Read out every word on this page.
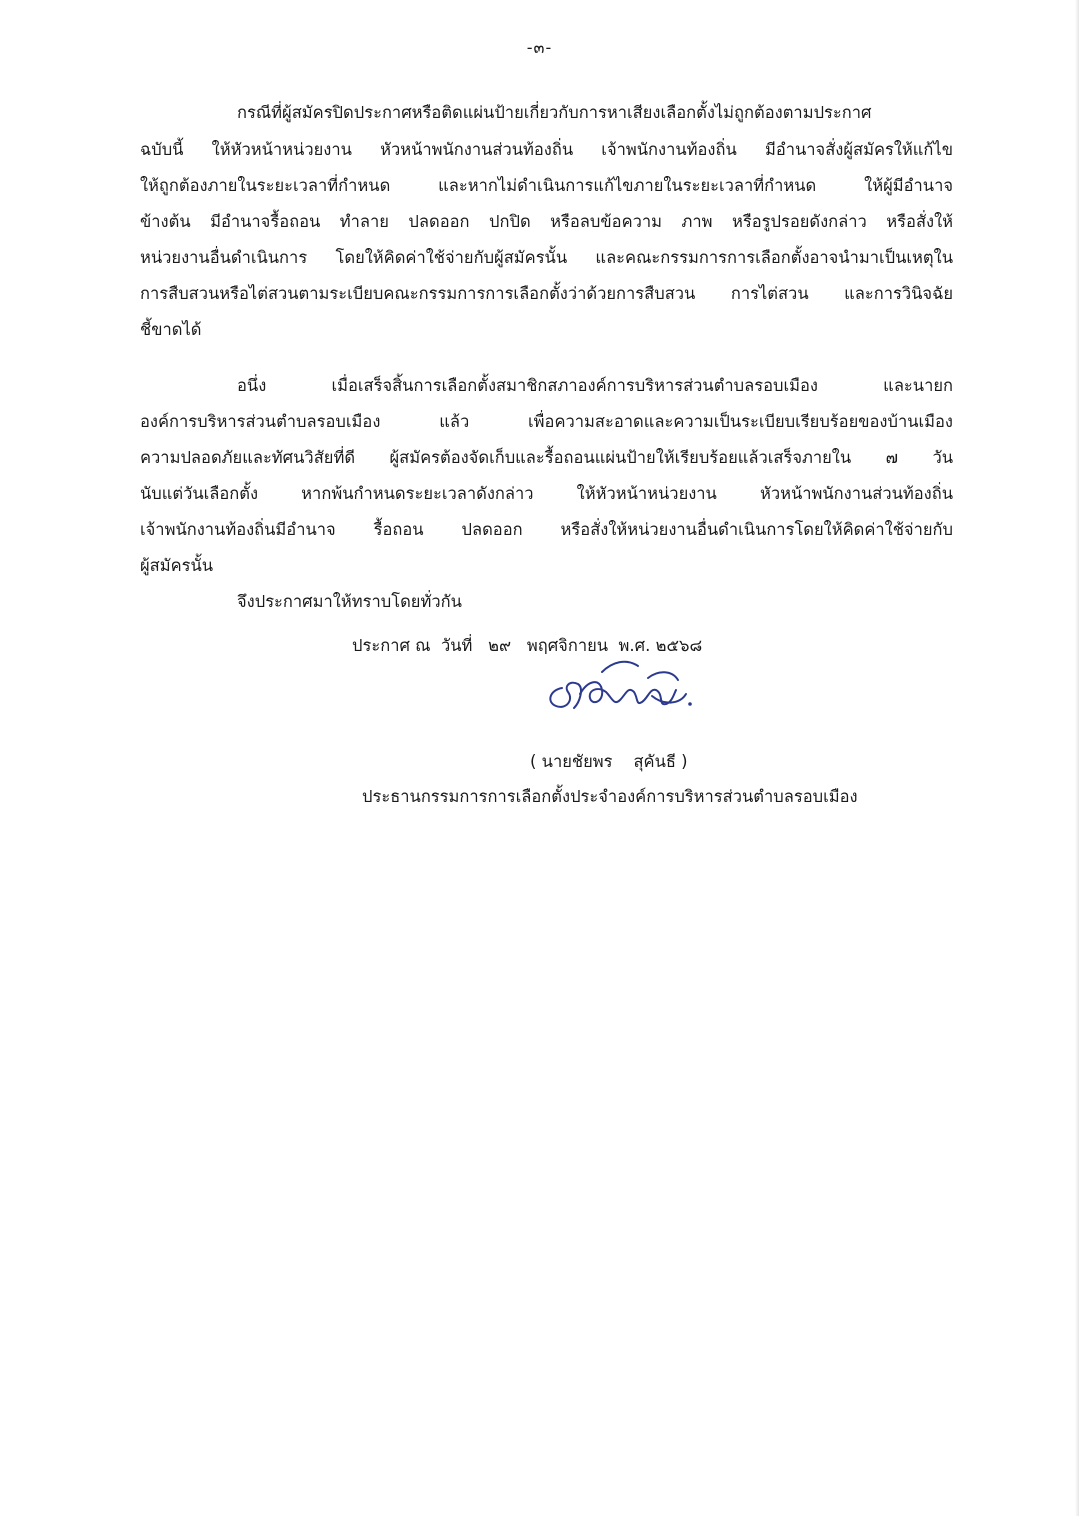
-๓-
กรณีที่ผู้สมัครปิดประกาศหรือติดแผ่นป้ายเกี่ยวกับการหาเสียงเลือกตั้งไม่ถูกต้องตามประกาศ
ฉบับนี้ ให้หัวหน้าหน่วยงาน หัวหน้าพนักงานส่วนท้องถิ่น เจ้าพนักงานท้องถิ่น มีอำนาจสั่งผู้สมัครให้แก้ไข
ให้ถูกต้องภายในระยะเวลาที่กำหนด และหากไม่ดำเนินการแก้ไขภายในระยะเวลาที่กำหนด ให้ผู้มีอำนาจ
ข้างต้น มีอำนาจรื้อถอน ทำลาย ปลดออก ปกปิด หรือลบข้อความ ภาพ หรือรูปรอยดังกล่าว หรือสั่งให้
หน่วยงานอื่นดำเนินการ โดยให้คิดค่าใช้จ่ายกับผู้สมัครนั้น และคณะกรรมการการเลือกตั้งอาจนำมาเป็นเหตุใน
การสืบสวนหรือไต่สวนตามระเบียบคณะกรรมการการเลือกตั้งว่าด้วยการสืบสวน การไต่สวน และการวินิจฉัย
ชี้ขาดได้
อนึ่ง เมื่อเสร็จสิ้นการเลือกตั้งสมาชิกสภาองค์การบริหารส่วนตำบลรอบเมือง และนายก
องค์การบริหารส่วนตำบลรอบเมือง แล้ว เพื่อความสะอาดและความเป็นระเบียบเรียบร้อยของบ้านเมือง
ความปลอดภัยและทัศนวิสัยที่ดี ผู้สมัครต้องจัดเก็บและรื้อถอนแผ่นป้ายให้เรียบร้อยแล้วเสร็จภายใน ๗ วัน
นับแต่วันเลือกตั้ง หากพ้นกำหนดระยะเวลาดังกล่าว ให้หัวหน้าหน่วยงาน หัวหน้าพนักงานส่วนท้องถิ่น
เจ้าพนักงานท้องถิ่นมีอำนาจ รื้อถอน ปลดออก หรือสั่งให้หน่วยงานอื่นดำเนินการโดยให้คิดค่าใช้จ่ายกับ
ผู้สมัครนั้น
จึงประกาศมาให้ทราบโดยทั่วกัน
ประกาศ ณ  วันที่   ๒๙   พฤศจิกายน  พ.ศ. ๒๕๖๘
( นายชัยพร    สุคันธี )
ประธานกรรมการการเลือกตั้งประจำองค์การบริหารส่วนตำบลรอบเมือง
